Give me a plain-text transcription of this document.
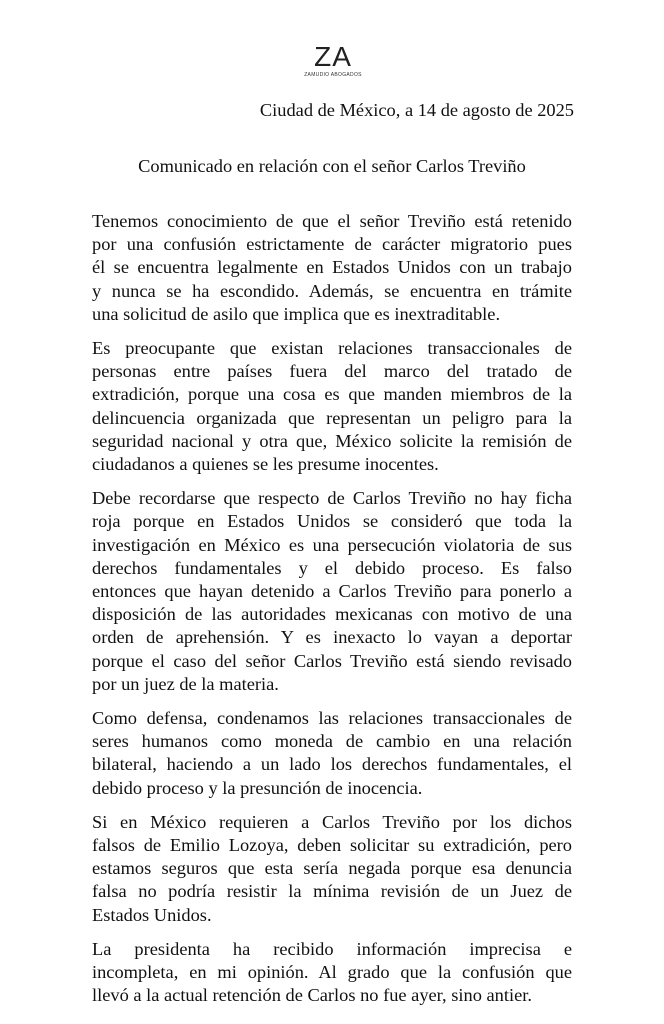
ZA
ZAMUDIO ABOGADOS
Ciudad de México, a 14 de agosto de 2025
Comunicado en relación con el señor Carlos Treviño
Tenemos conocimiento de que el señor Treviño está retenido
por una confusión estrictamente de carácter migratorio pues
él se encuentra legalmente en Estados Unidos con un trabajo
y nunca se ha escondido. Además, se encuentra en trámite
una solicitud de asilo que implica que es inextraditable.
Es preocupante que existan relaciones transaccionales de
personas entre países fuera del marco del tratado de
extradición, porque una cosa es que manden miembros de la
delincuencia organizada que representan un peligro para la
seguridad nacional y otra que, México solicite la remisión de
ciudadanos a quienes se les presume inocentes.
Debe recordarse que respecto de Carlos Treviño no hay ficha
roja porque en Estados Unidos se consideró que toda la
investigación en México es una persecución violatoria de sus
derechos fundamentales y el debido proceso. Es falso
entonces que hayan detenido a Carlos Treviño para ponerlo a
disposición de las autoridades mexicanas con motivo de una
orden de aprehensión. Y es inexacto lo vayan a deportar
porque el caso del señor Carlos Treviño está siendo revisado
por un juez de la materia.
Como defensa, condenamos las relaciones transaccionales de
seres humanos como moneda de cambio en una relación
bilateral, haciendo a un lado los derechos fundamentales, el
debido proceso y la presunción de inocencia.
Si en México requieren a Carlos Treviño por los dichos
falsos de Emilio Lozoya, deben solicitar su extradición, pero
estamos seguros que esta sería negada porque esa denuncia
falsa no podría resistir la mínima revisión de un Juez de
Estados Unidos.
La presidenta ha recibido información imprecisa e
incompleta, en mi opinión. Al grado que la confusión que
llevó a la actual retención de Carlos no fue ayer, sino antier.
